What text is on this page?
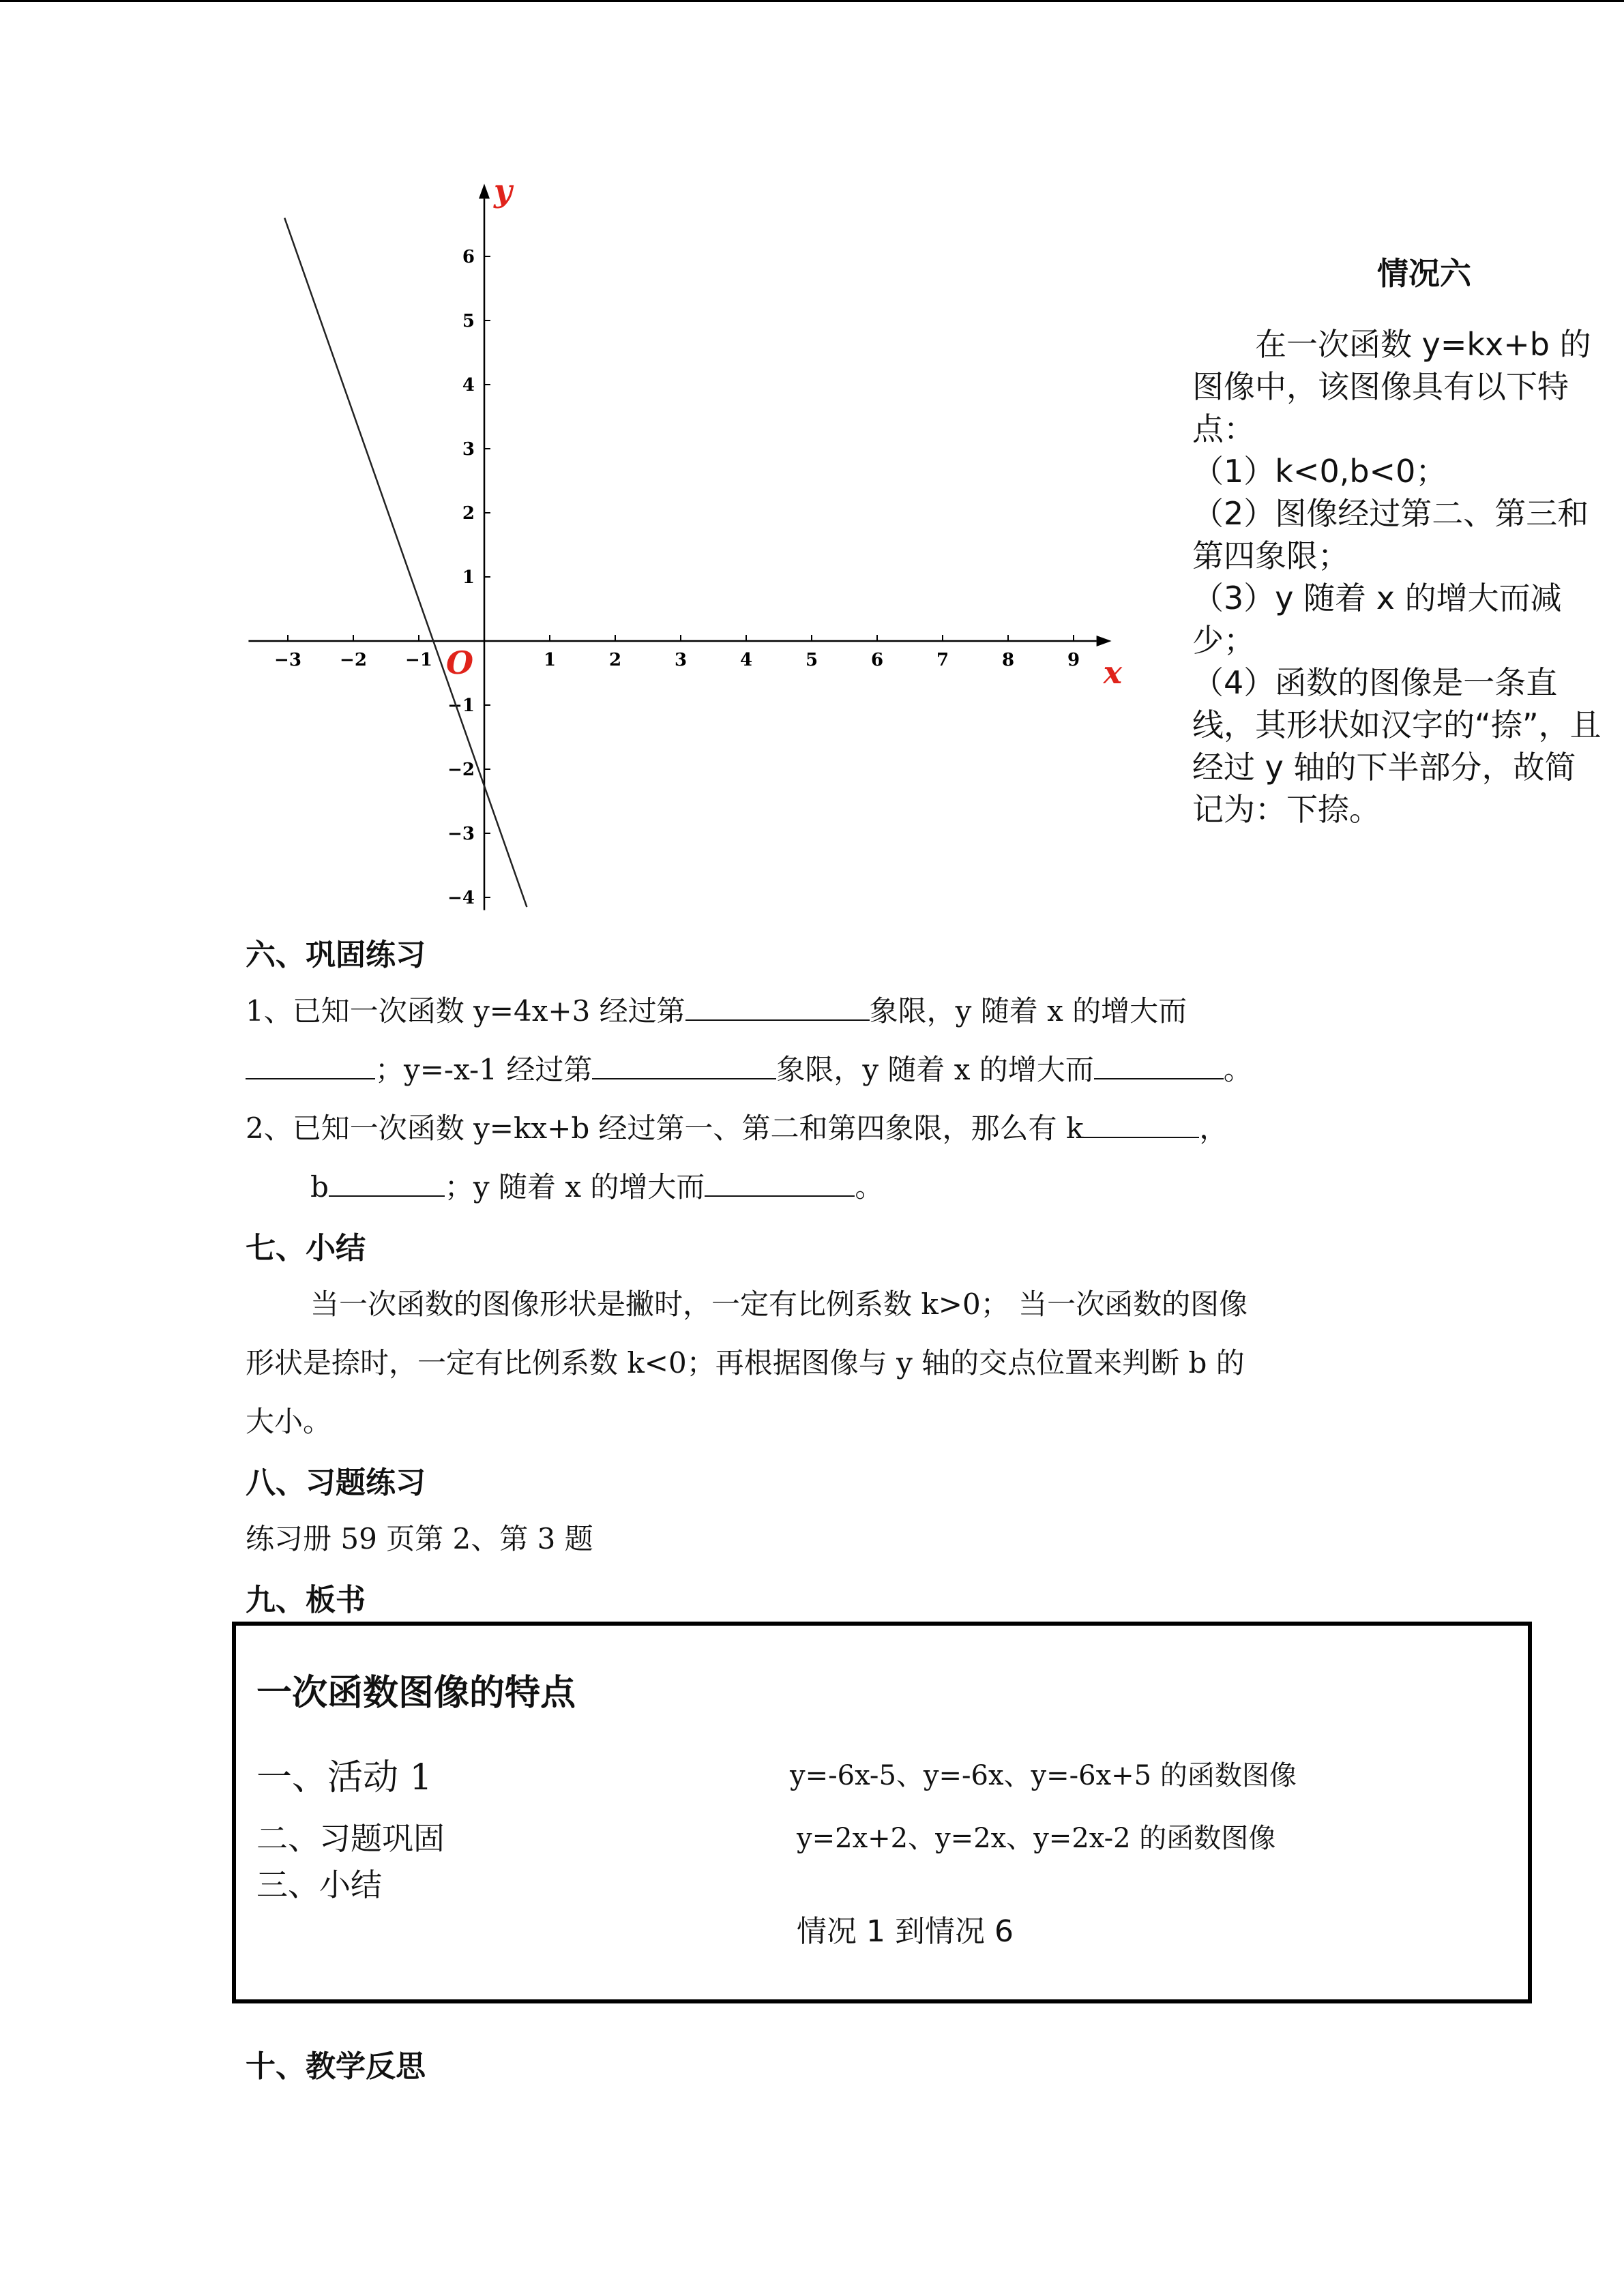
−3 −2 −1	1	2	3	4	5	6	7	8	9
6
5
4
3
2
1
−1
−2
−3
−4
x
y
O
情况六

在一次函数 y=kx+b 的图像中，该图像具有以下特点：

（1）k<0,b<0；

（2）图像经过第二、第三和第四象限；

（3）y 随着 x 的增大而减少；

（4）函数的图像是一条直线，其形状如汉字的“捺”，且经过 y 轴的下半部分，故简记为：下捺。

六、巩固练习
1、已知一次函数 y=4x+3 经过第	象限，y 随着 x 的增大而
；y=-x-1 经过第	象限，y 随着 x 的增大而	。
2、已知一次函数 y=kx+b 经过第一、第二和第四象限，那么有 k	，
b	；y 随着 x 的增大而	。
七、小结
当一次函数的图像形状是撇时，一定有比例系数 k>0； 当一次函数的图像
形状是捺时，一定有比例系数 k<0；再根据图像与 y 轴的交点位置来判断 b 的
大小。
八、习题练习
练习册 59 页第 2、第 3 题
九、板书
一次函数图像的特点
一、活动 1	y=-6x-5、y=-6x、y=-6x+5 的函数图像
二、习题巩固	y=2x+2、y=2x、y=2x-2 的函数图像
三、小结
情况 1 到情况 6
十、教学反思
